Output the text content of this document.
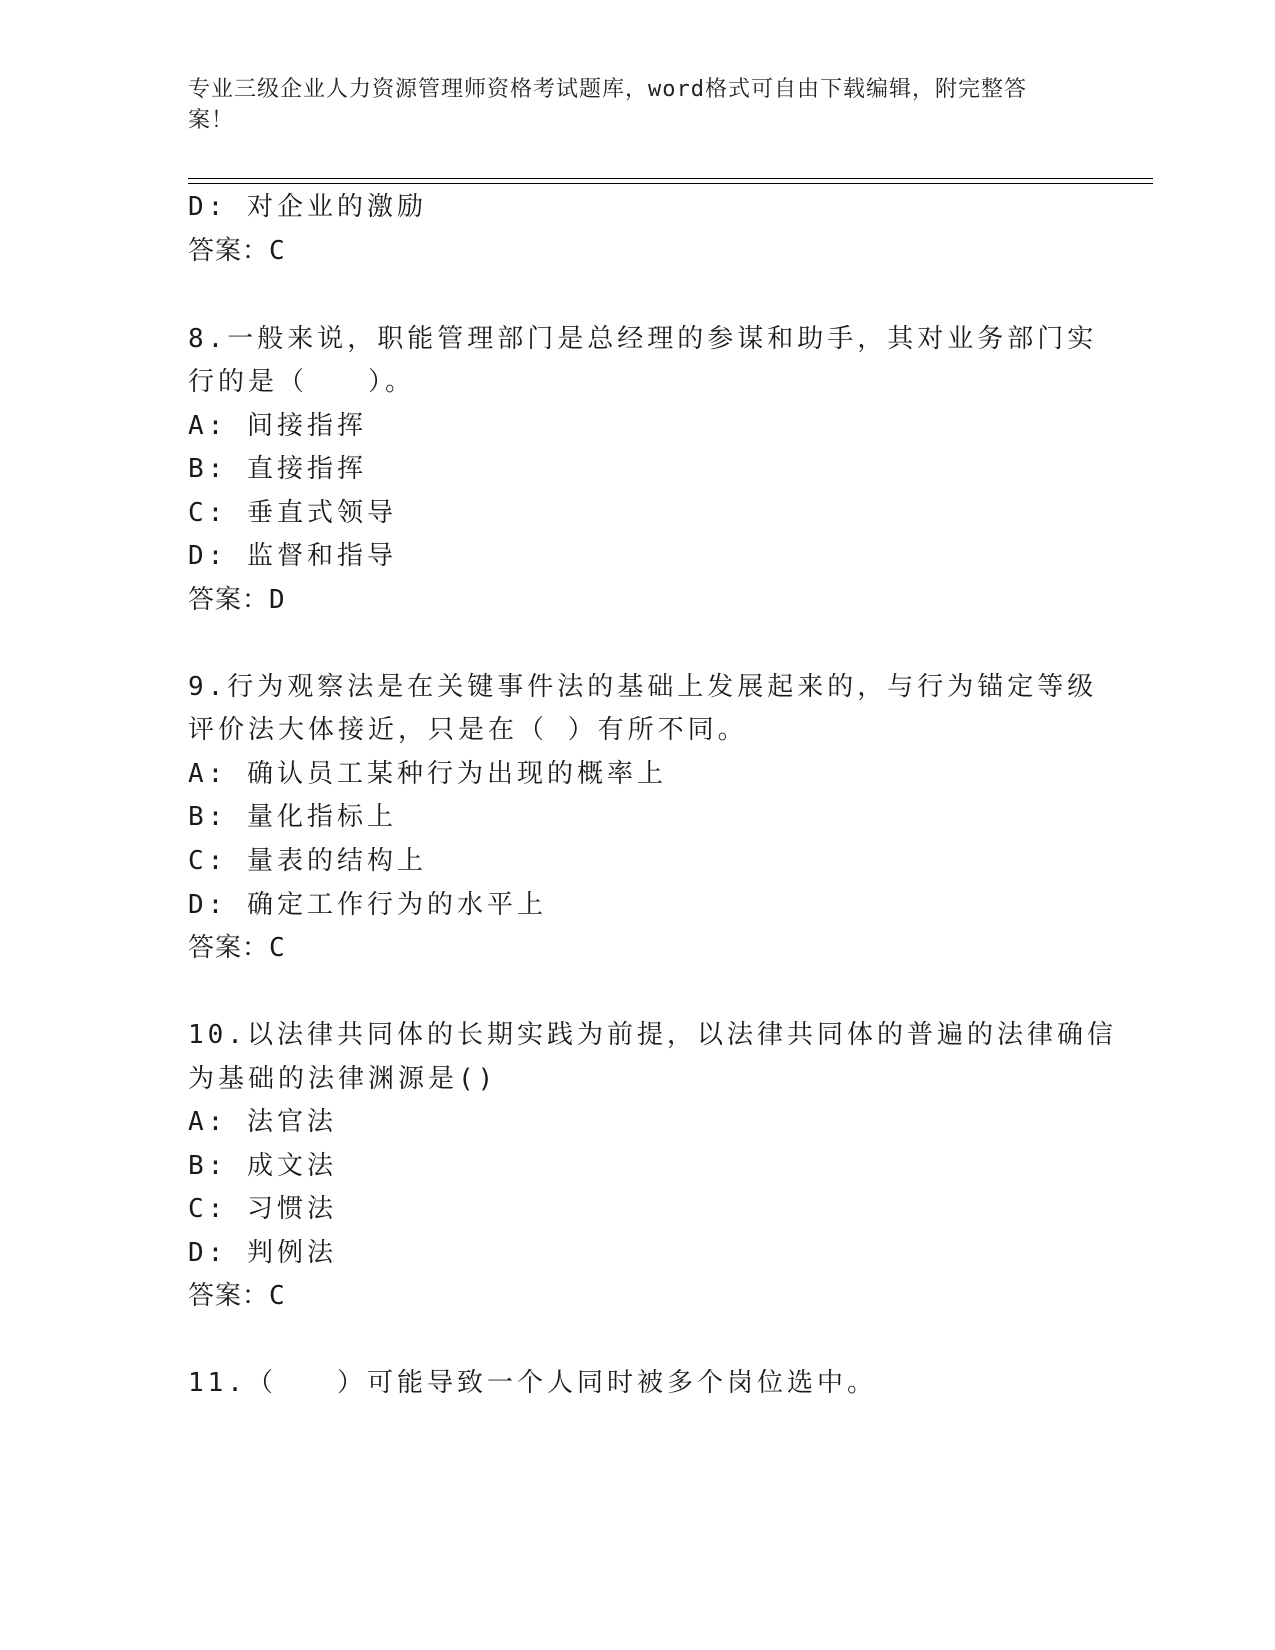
专业三级企业人力资源管理师资格考试题库，word格式可自由下载编辑，附完整答案！
D: 对企业的激励
答案：C
8.一般来说，职能管理部门是总经理的参谋和助手，其对业务部门实
行的是（　　）。
A: 间接指挥
B: 直接指挥
C: 垂直式领导
D: 监督和指导
答案：D
9.行为观察法是在关键事件法的基础上发展起来的，与行为锚定等级
评价法大体接近，只是在（ ）有所不同。
A: 确认员工某种行为出现的概率上
B: 量化指标上
C: 量表的结构上
D: 确定工作行为的水平上
答案：C
10.以法律共同体的长期实践为前提，以法律共同体的普遍的法律确信
为基础的法律渊源是()
A: 法官法
B: 成文法
C: 习惯法
D: 判例法
答案：C
11.（　　）可能导致一个人同时被多个岗位选中。
